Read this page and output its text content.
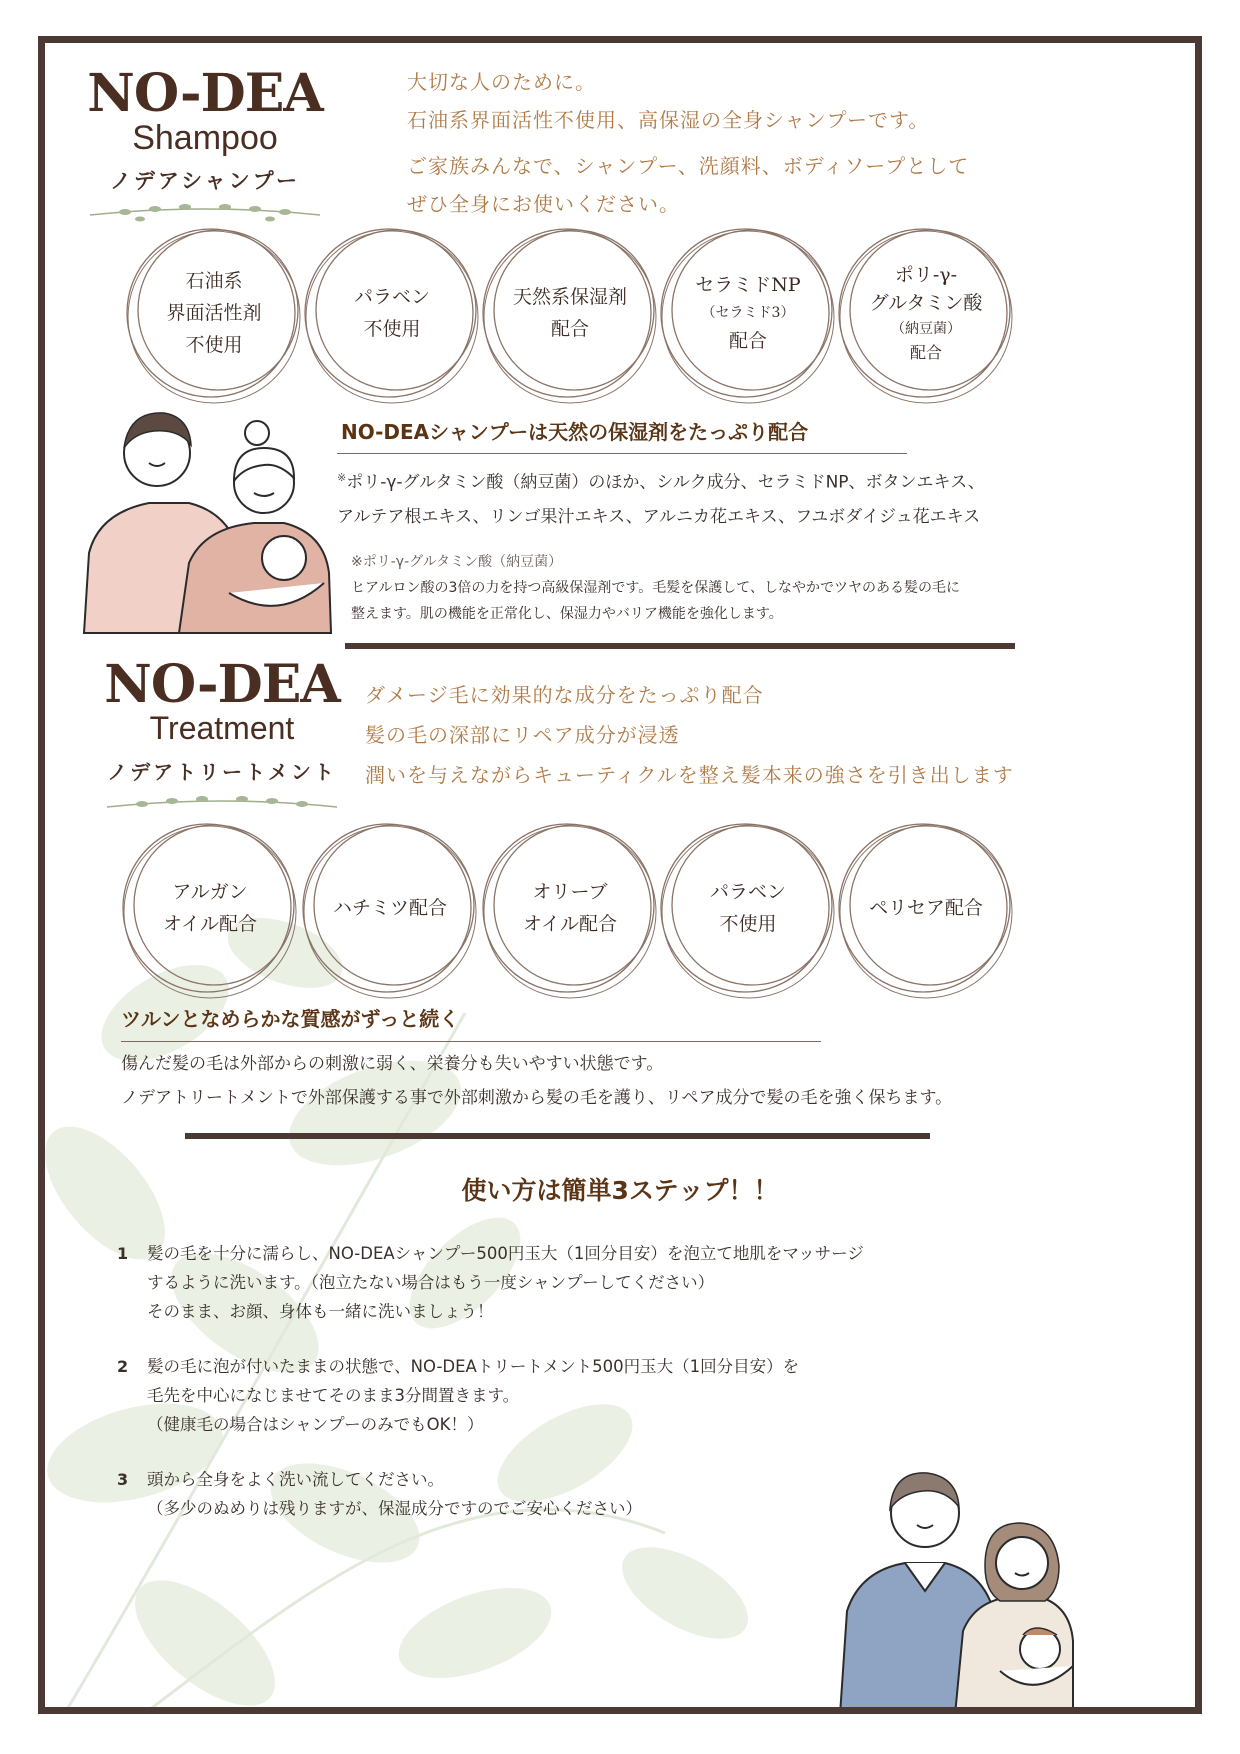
NO-DEA
Shampoo
ノデアシャンプー
大切な人のために。
石油系界面活性不使用、高保湿の全身シャンプーです。
ご家族みんなで、シャンプー、洗顔料、ボディソープとして
ぜひ全身にお使いください。
石油系
界面活性剤
不使用
パラベン
不使用
天然系保湿剤
配合
セラミドNP
（セラミド3）
配合
ポリ-γ-
グルタミン酸
（納豆菌）
配合
NO-DEAシャンプーは天然の保湿剤をたっぷり配合
※ポリ-γ-グルタミン酸（納豆菌）のほか、シルク成分、セラミドNP、ボタンエキス、
アルテア根エキス、リンゴ果汁エキス、アルニカ花エキス、フユボダイジュ花エキス
※ポリ-γ-グルタミン酸（納豆菌）
ヒアルロン酸の3倍の力を持つ高級保湿剤です。毛髪を保護して、しなやかでツヤのある髪の毛に
整えます。肌の機能を正常化し、保湿力やバリア機能を強化します。
NO-DEA
Treatment
ノデアトリートメント
ダメージ毛に効果的な成分をたっぷり配合
髪の毛の深部にリペア成分が浸透
潤いを与えながらキューティクルを整え髪本来の強さを引き出します
アルガン
オイル配合
ハチミツ配合
オリーブ
オイル配合
パラベン
不使用
ペリセア配合
ツルンとなめらかな質感がずっと続く
傷んだ髪の毛は外部からの刺激に弱く、栄養分も失いやすい状態です。
ノデアトリートメントで外部保護する事で外部刺激から髪の毛を護り、リペア成分で髪の毛を強く保ちます。
使い方は簡単3ステップ！！
1	髪の毛を十分に濡らし、NO-DEAシャンプー500円玉大（1回分目安）を泡立て地肌をマッサージ
するように洗います。（泡立たない場合はもう一度シャンプーしてください）
そのまま、お顔、身体も一緒に洗いましょう！
2	髪の毛に泡が付いたままの状態で、NO-DEAトリートメント500円玉大（1回分目安）を
毛先を中心になじませてそのまま3分間置きます。
（健康毛の場合はシャンプーのみでもOK！）
3	頭から全身をよく洗い流してください。
（多少のぬめりは残りますが、保湿成分ですのでご安心ください）
